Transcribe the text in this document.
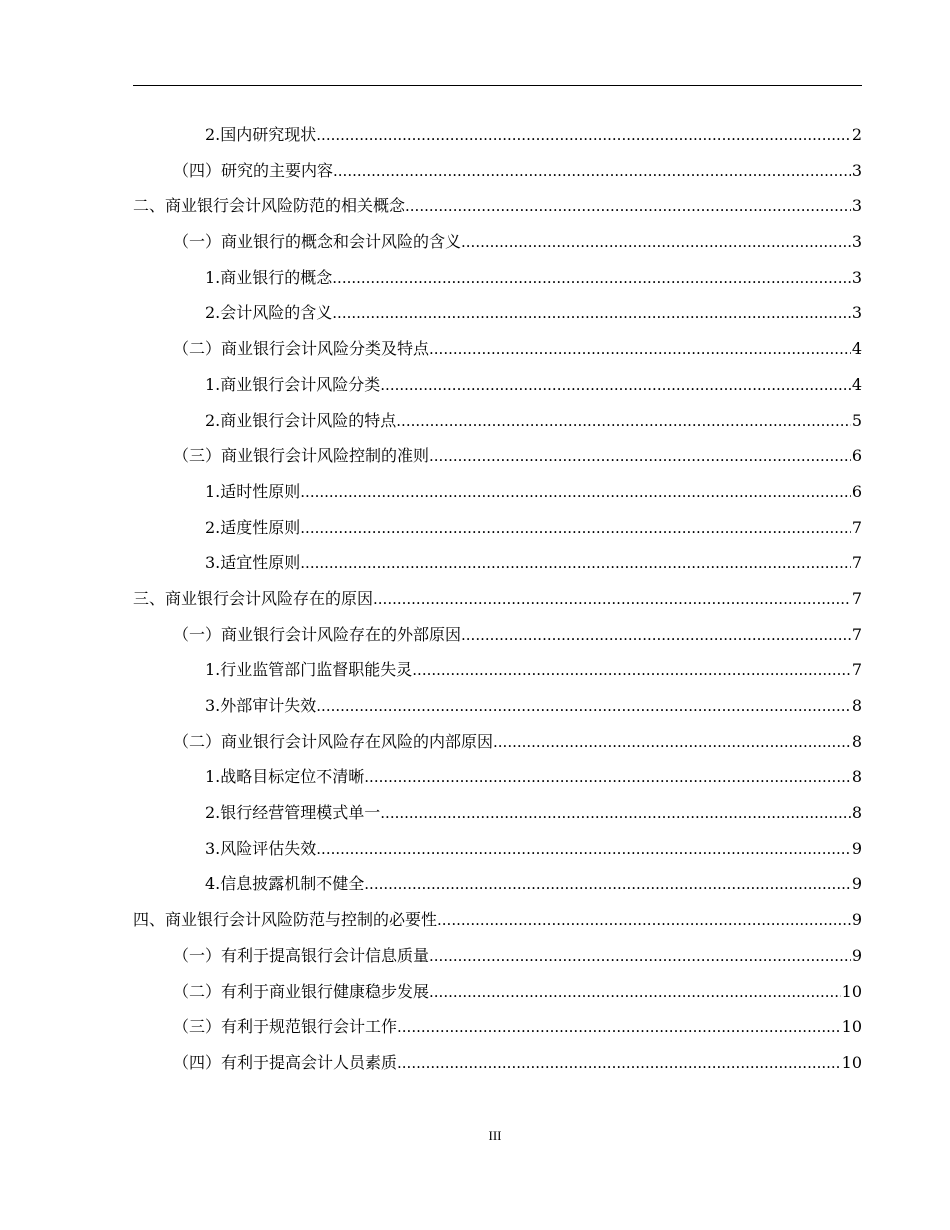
2.国内研究现状 .....	2
（四）研究的主要内容 .....	3
二、商业银行会计风险防范的相关概念 .....	3
（一）商业银行的概念和会计风险的含义 .....	3
1.商业银行的概念 .....	3
2.会计风险的含义 .....	3
（二）商业银行会计风险分类及特点 .....	4
1.商业银行会计风险分类 .....	4
2.商业银行会计风险的特点 .....	5
（三）商业银行会计风险控制的准则 .....	6
1.适时性原则 .....	6
2.适度性原则 .....	7
3.适宜性原则 .....	7
三、商业银行会计风险存在的原因 .....	7
（一）商业银行会计风险存在的外部原因 .....	7
1.行业监管部门监督职能失灵 .....	7
3.外部审计失效 .....	8
（二）商业银行会计风险存在风险的内部原因 .....	8
1.战略目标定位不清晰 .....	8
2.银行经营管理模式单一 .....	8
3.风险评估失效 .....	9
4.信息披露机制不健全 .....	9
四、商业银行会计风险防范与控制的必要性 .....	9
（一）有利于提高银行会计信息质量 .....	9
（二）有利于商业银行健康稳步发展 .....	10
（三）有利于规范银行会计工作 .....	10
（四）有利于提高会计人员素质 .....	10
III
